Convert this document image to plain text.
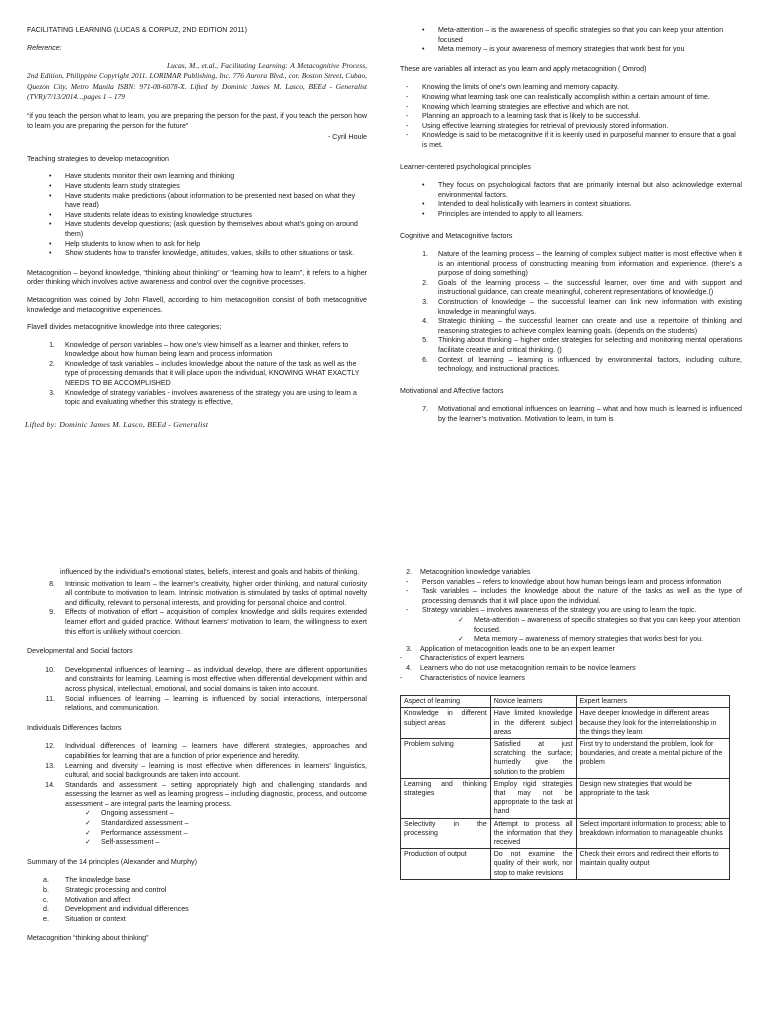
FACILITATING LEARNING (LUCAS & CORPUZ, 2ND EDITION 2011)

Reference:

Lucas, M., et.al., Facilitating Learning: A Metacognitive Process, 2nd Edition, Philippine Copyright 2011. LORIMAR Publishing, Inc. 776 Aurora Blvd., cor. Boston Street, Cubao, Quezon City, Metro Manila ISBN: 971-08-6078-X. Lifted by Dominic James M. Lasco, BEEd - Generalist (TVR)/7/13/2014…pages 1 – 179

“if you teach the person what to learn, you are preparing the person for the past, if you teach the person how to learn you are preparing the person for the future”

- Cyril Houle

Teaching strategies to develop metacognition
•	Have students monitor their own learning and thinking
•	Have students learn study strategies
•	Have students make predictions (about information to be presented next based on what they have read)
•	Have students relate ideas to existing knowledge structures
•	Have students develop questions; (ask question by themselves about what’s going on around them)
•	Help students to know when to ask for help
•	Show students how to transfer knowledge, attitudes, values, skills to other situations or task.

Metacognition – beyond knowledge, “thinking about thinking” or “learning how to learn”, it refers to a higher order thinking which involves active awareness and control over the cognitive processes.

Metacognition was coined by John Flavell, according to him metacognition consist of both metacognitive knowledge and metacognitive experiences.

Flavell divides metacognitive knowledge into three categories;
1.	Knowledge of person variables – how one’s view himself as a learner and thinker, refers to knowledge about how human being learn and process information
2.	Knowledge of task variables – includes knowledge about the nature of the task as well as the type of processing demands that it will place upon the individual, KNOWING WHAT EXACTLY NEEDS TO BE ACCOMPLISHED
3.	Knowledge of strategy variables - involves awareness of the strategy you are using to learn a topic and evaluating whether this strategy is effective,
Lifted by: Dominic James M. Lasco, BEEd - Generalist
•	Meta-attention – is the awareness of specific strategies so that you can keep your attention focused
•	Meta memory – is your awareness of memory strategies that work best for you
These are variables all interact as you learn and apply metacognition ( Omrod)
-	Knowing the limits of one’s own learning and memory capacity.
-	Knowing what learning task one can realistically accomplish within a certain amount of time.
-	Knowing which learning strategies are effective and which are not.
-	Planning an approach to a learning task that is likely to be successful.
-	Using effective learning strategies for retrieval of previously stored information.
-	Knowledge is said to be metacognitive if it is keenly used in purposeful manner to ensure that a goal is met.
Learner-centered psychological principles
•	They focus on psychological factors that are primarily internal but also acknowledge external environmental factors.
•	Intended to deal holistically with learners in context situations.
•	Principles are intended to apply to all learners.
Cognitive and Metacognitive factors
1.	Nature of the learning process – the learning of complex subject matter is most effective when it is an intentional process of constructing meaning from information and experience. (there’s a purpose of doing something)
2.	Goals of the learning process – the successful learner, over time and with support and instructional guidance, can create meaningful, coherent representations of knowledge.()
3.	Construction of knowledge – the successful learner can link new information with existing knowledge in meaningful ways.
4.	Strategic thinking – the successful learner can create and use a repertoire of thinking and reasoning strategies to achieve complex learning goals. (depends on the students)
5.	Thinking about thinking – higher order strategies for selecting and monitoring mental operations facilitate creative and critical thinking. ()
6.	Context of learning – learning is influenced by environmental factors, including culture, technology, and instructional practices.
Motivational and Affective factors
7.	Motivational and emotional influences on learning – what and how much is learned is influenced by the learner’s motivation. Motivation to learn, in turn is

influenced by the individual’s emotional states, beliefs, interest and goals and habits of thinking.

8.	Intrinsic motivation to learn – the learner’s creativity, higher order thinking, and natural curiosity all contribute to motivation to learn. Intrinsic motivation is stimulated by tasks of optimal novelty and difficulty, relevant to personal interests, and providing for personal choice and control.
9.	Effects of motivation of effort – acquisition of complex knowledge and skills requires extended learner effort and guided practice. Without learners’ motivation to learn, the willingness to exert this effort is unlikely without coercion.
Developmental and Social factors
10.	Developmental influences of learning – as individual develop, there are different opportunities and constraints for learning. Learning is most effective when differential development within and across physical, intellectual, emotional, and social domains is taken into account.
11.	Social influences of learning – learning is influenced by social interactions, interpersonal relations, and communication.
Individuals Differences factors
12.	Individual differences of learning – learners have different strategies, approaches and capabilities for learning that are a function of prior experience and heredity.
13.	Learning and diversity – learning is most effective when differences in learners’ linguistics, cultural, and social backgrounds are taken into account.
14.	Standards and assessment – setting appropriately high and challenging standards and assessing the learner as well as learning progress – including diagnostic, process, and outcome assessment – are integral parts the learning process.
✓	Ongoing assessment –
✓	Standardized assessment –
✓	Performance assessment –
✓	Self-assessment –
Summary of the 14 principles (Alexander and Murphy)
a.	The knowledge base
b.	Strategic processing and control
c.	Motivation and affect
d.	Development and individual differences
e.	Situation or context
Metacognition “thinking about thinking”
2.	Metacognition knowledge variables
-	Person variables – refers to knowledge about how human beings learn and process information
-	Task variables – includes the knowledge about the nature of the tasks as well as the type of processing demands that it will place upon the individual.
-	Strategy variables – involves awareness of the strategy you are using to learn the topic.
✓	Meta-attention – awareness of specific strategies so that you can keep your attention focused.
✓	Meta memory – awareness of memory strategies that works best for you.
3.	Application of metacognition leads one to be an expert learner
-	Characteristics of expert learners
4.	Learners who do not use metacognition remain to be novice learners
-	Characteristics of novice learners
Aspect of learning	Novice learners	Expert learners
Knowledge in different subject areas	Have limited knowledge in the different subject areas	Have deeper knowledge in different areas because they look for the interrelationship in the things they learn
Problem solving	Satisfied at just scratching the surface; hurriedly give the solution to the problem	First try to understand the problem, look for boundaries, and create a mental picture of the problem
Learning and thinking strategies	Employ rigid strategies that may not be appropriate to the task at hand	Design new strategies that would be appropriate to the task
Selectivity in the processing	Attempt to process all the information that they received	Select important information to process; able to breakdown information to manageable chunks
Production of output	Do not examine the quality of their work, nor stop to make revisions	Check their errors and redirect their efforts to maintain quality output
